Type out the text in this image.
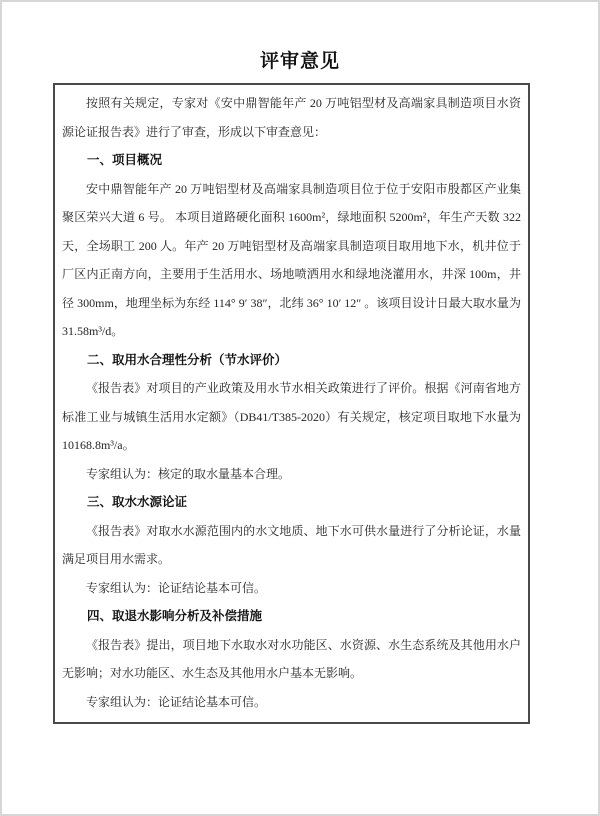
评审意见

按照有关规定，专家对《安中鼎智能年产 20 万吨铝型材及高端家具制造项目水资源论证报告表》进行了审查，形成以下审查意见：

一、项目概况

安中鼎智能年产 20 万吨铝型材及高端家具制造项目位于位于安阳市殷都区产业集聚区荣兴大道 6 号。 本项目道路硬化面积 1600m²，绿地面积 5200m²，年生产天数 322 天，全场职工 200 人。年产 20 万吨铝型材及高端家具制造项目取用地下水，机井位于厂区内正南方向，主要用于生活用水、场地喷洒用水和绿地浇灌用水，井深 100m，井径 300mm，地理坐标为东经 114° 9′ 38″，北纬 36° 10′ 12″ 。该项目设计日最大取水量为 31.58m³/d。

二、取用水合理性分析（节水评价）

《报告表》对项目的产业政策及用水节水相关政策进行了评价。根据《河南省地方标准工业与城镇生活用水定额》（DB41/T385-2020）有关规定，核定项目取地下水量为 10168.8m³/a。

专家组认为：核定的取水量基本合理。

三、取水水源论证

《报告表》对取水水源范围内的水文地质、地下水可供水量进行了分析论证，水量满足项目用水需求。

专家组认为：论证结论基本可信。

四、取退水影响分析及补偿措施

《报告表》提出，项目地下水取水对水功能区、水资源、水生态系统及其他用水户无影响；对水功能区、水生态及其他用水户基本无影响。

专家组认为：论证结论基本可信。
